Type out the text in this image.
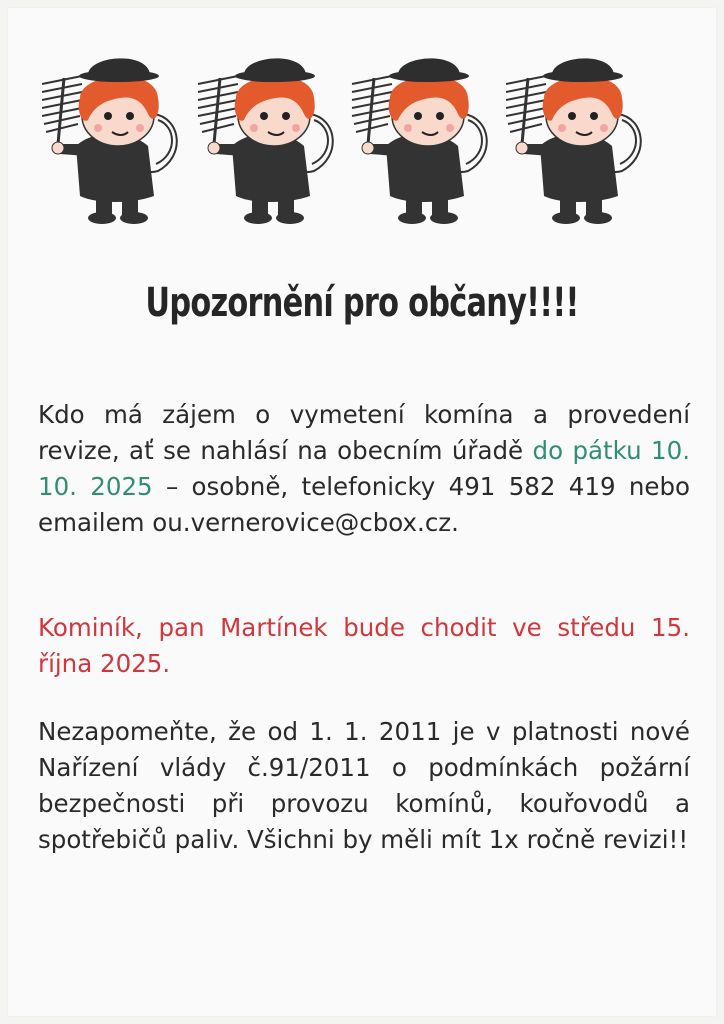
Upozornění pro občany!!!!

Kdo má zájem o vymetení komína a provedení revize, ať se nahlásí na obecním úřadě do pátku 10. 10. 2025 – osobně, telefonicky 491 582 419 nebo emailem ou.vernerovice@cbox.cz.

Kominík, pan Martínek bude chodit ve středu 15. října 2025.

Nezapomeňte, že od 1. 1. 2011 je v platnosti nové Nařízení vlády č.91/2011 o podmínkách požární bezpečnosti při provozu komínů, kouřovodů a spotřebičů paliv. Všichni by měli mít 1x ročně revizi!!
